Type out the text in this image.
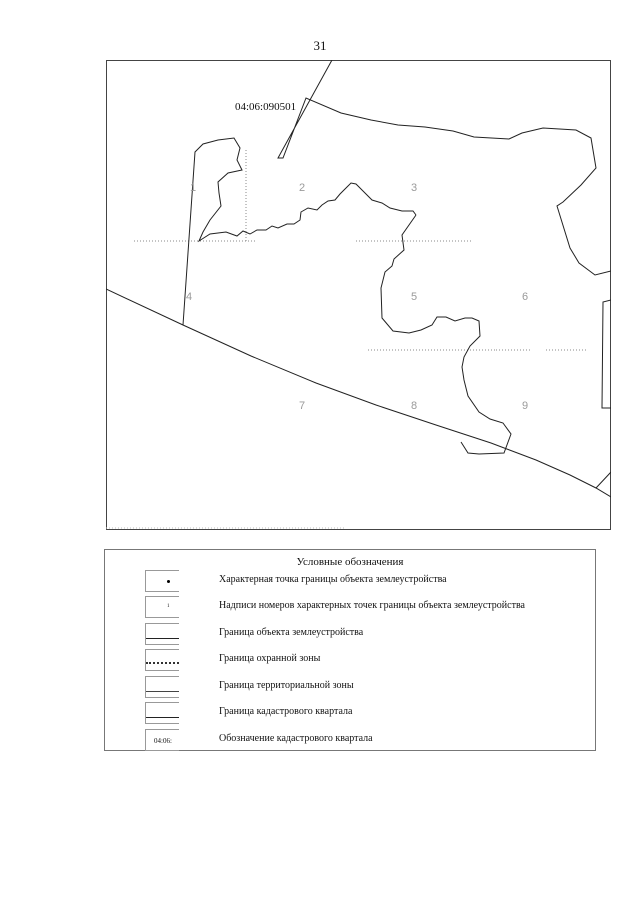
31
1	2	3
4	5	6
7	8	9
04:06:090501
Условные обозначения
Характерная точка границы объекта землеустройства
1	Надписи номеров характерных точек границы объекта землеустройства
Граница объекта землеустройства
Граница охранной зоны
Граница территориальной зоны
Граница кадастрового квартала
04:06:	Обозначение кадастрового квартала
